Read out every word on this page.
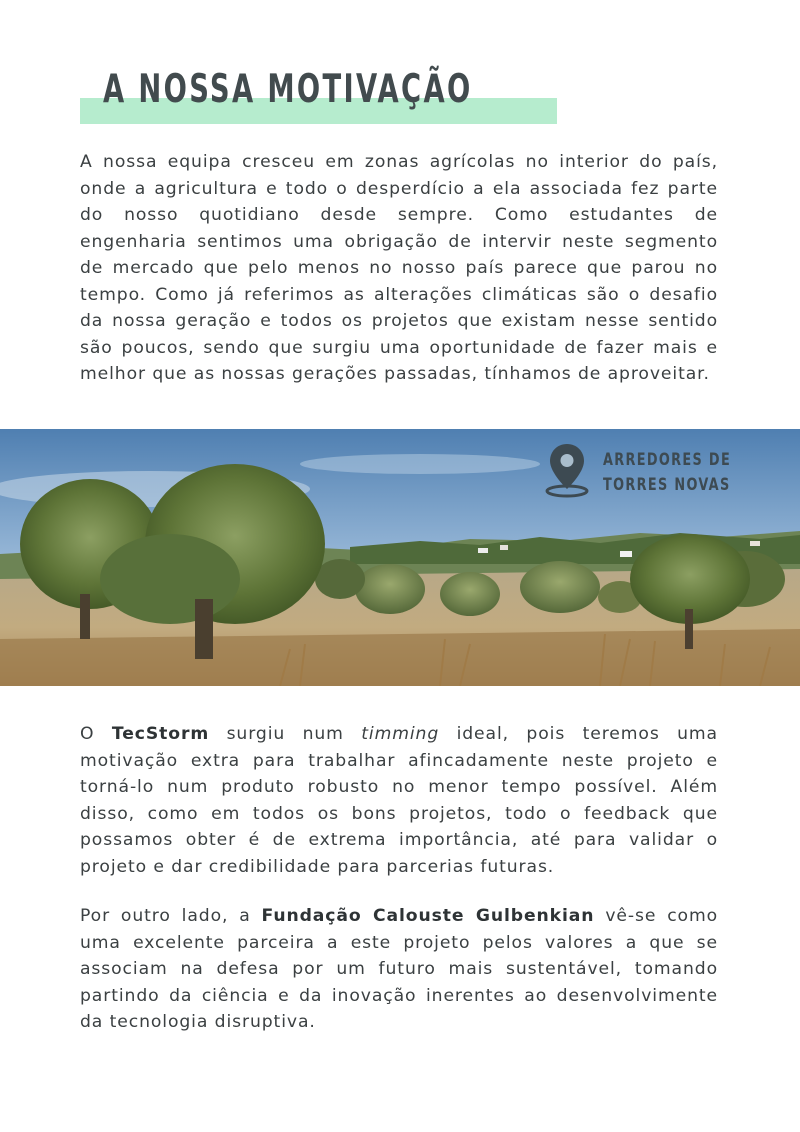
A NOSSA MOTIVAÇÃO

A nossa equipa cresceu em zonas agrícolas no interior do país, onde a agricultura e todo o desperdício a ela associada fez parte do nosso quotidiano desde sempre. Como estudantes de engenharia sentimos uma obrigação de intervir neste segmento de mercado que pelo menos no nosso país parece que parou no tempo. Como já referimos as alterações climáticas são o desafio da nossa geração e todos os projetos que existam nesse sentido são poucos, sendo que surgiu uma oportunidade de fazer mais e melhor que as nossas gerações passadas, tínhamos de aproveitar.

ARREDORES DE
TORRES NOVAS

O TecStorm surgiu num timming ideal, pois teremos uma motivação extra para trabalhar afincadamente neste projeto e torná-lo num produto robusto no menor tempo possível. Além disso, como em todos os bons projetos, todo o feedback que possamos obter é de extrema importância, até para validar o projeto e dar credibilidade para parcerias futuras.

Por outro lado, a Fundação Calouste Gulbenkian vê-se como uma excelente parceira a este projeto pelos valores a que se associam na defesa por um futuro mais sustentável, tomando partindo da ciência e da inovação inerentes ao desenvolvimente da tecnologia disruptiva.
